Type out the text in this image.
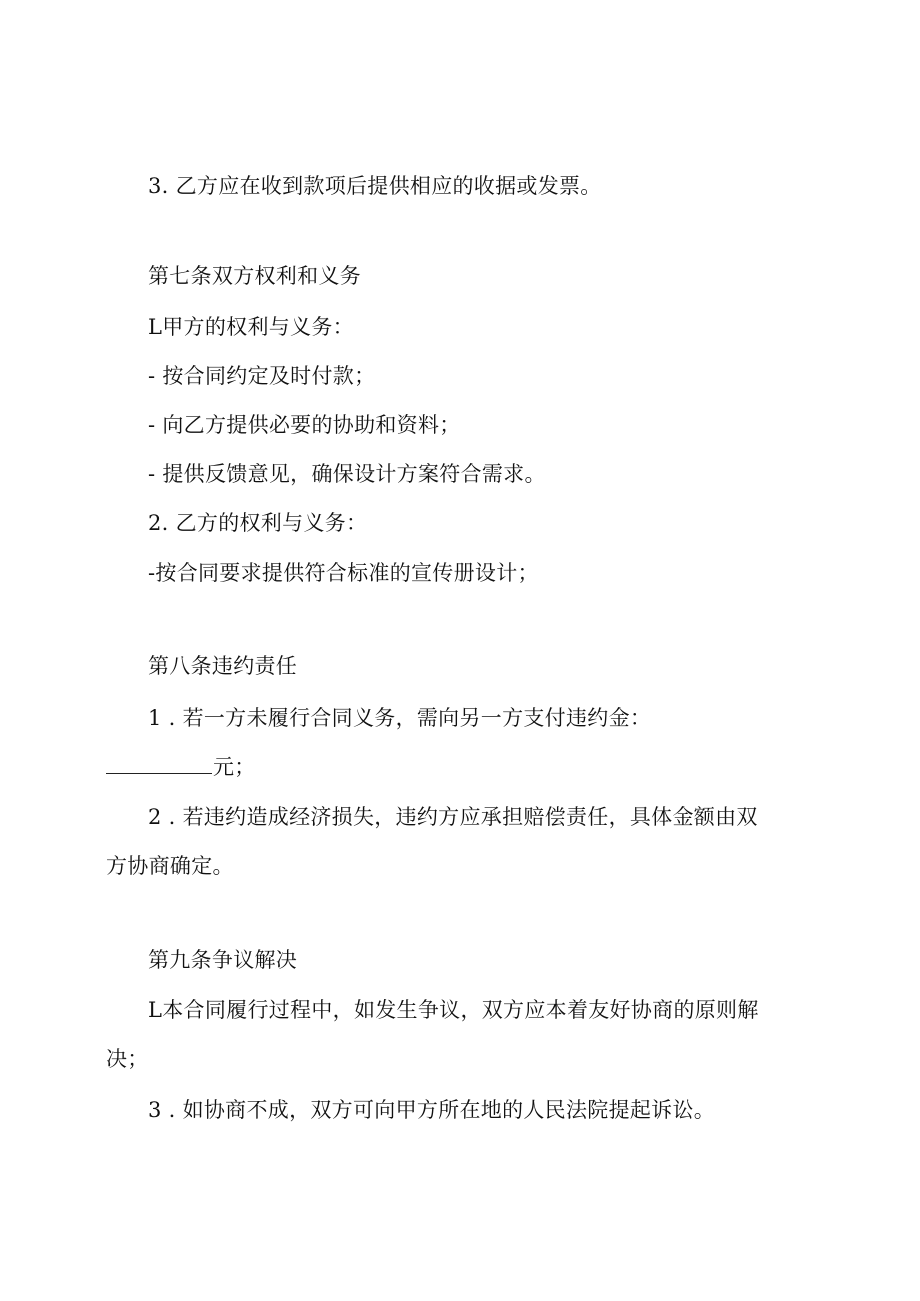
3. 乙方应在收到款项后提供相应的收据或发票。

第七条双方权利和义务

L甲方的权利与义务：

- 按合同约定及时付款；

- 向乙方提供必要的协助和资料；

- 提供反馈意见，确保设计方案符合需求。

2. 乙方的权利与义务：

-按合同要求提供符合标准的宣传册设计；

第八条违约责任

1 . 若一方未履行合同义务，需向另一方支付违约金：

元；

2 . 若违约造成经济损失，违约方应承担赔偿责任，具体金额由双

方协商确定。

第九条争议解决

L本合同履行过程中，如发生争议，双方应本着友好协商的原则解

决；

3 . 如协商不成，双方可向甲方所在地的人民法院提起诉讼。
